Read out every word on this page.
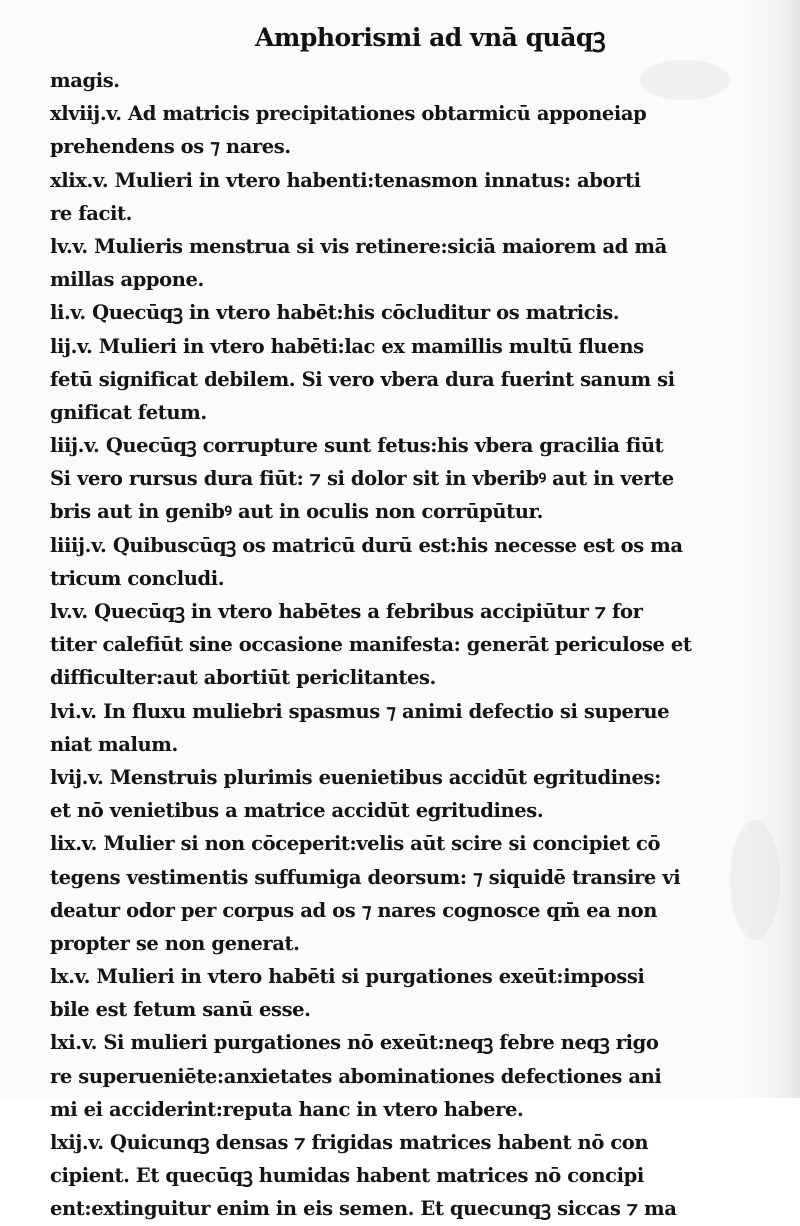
Amphorismi ad vnā quāqꝫ
magis.
xlviij.v. Ad matricis precipitationes obtarmicū apponeiap
prehendens os ⁊ nares.
xlix.v. Mulieri in vtero habenti:tenasmon innatus: aborti
re facit.
lv.v. Mulieris menstrua si vis retinere:siciā maiorem ad mā
millas appone.
li.v. Quecūqꝫ in vtero habēt:his cōcluditur os matricis.
lij.v. Mulieri in vtero habēti:lac ex mamillis multū fluens
fetū significat debilem. Si vero vbera dura fuerint sanum si
gnificat fetum.
liij.v. Quecūqꝫ corrupture sunt fetus:his vbera gracilia fiūt
Si vero rursus dura fiūt: ⁊ si dolor sit in vberibꝰ aut in verte
bris aut in genibꝰ aut in oculis non corrūpūtur.
liiij.v. Quibuscūqꝫ os matricū durū est:his necesse est os ma
tricum concludi.
lv.v. Quecūqꝫ in vtero habētes a febribus accipiūtur ⁊ for
titer calefiūt sine occasione manifesta: generāt periculose et
difficulter:aut abortiūt periclitantes.
lvi.v. In fluxu muliebri spasmus ⁊ animi defectio si superue
niat malum.
lvij.v. Menstruis plurimis euenietibus accidūt egritudines:
et nō venietibus a matrice accidūt egritudines.
lix.v. Mulier si non cōceperit:velis aūt scire si concipiet cō
tegens vestimentis suffumiga deorsum: ⁊ siquidē transire vi
deatur odor per corpus ad os ⁊ nares cognosce qm̄ ea non
propter se non generat.
lx.v. Mulieri in vtero habēti si purgationes exeūt:impossi
bile est fetum sanū esse.
lxi.v. Si mulieri purgationes nō exeūt:neqꝫ febre neqꝫ rigo
re superueniēte:anxietates abominationes defectiones ani
mi ei acciderint:reputa hanc in vtero habere.
lxij.v. Quicunqꝫ densas ⁊ frigidas matrices habent nō con
cipient. Et quecūqꝫ humidas habent matrices nō concipi
ent:extinguitur enim in eis semen. Et quecunqꝫ siccas ⁊ ma
